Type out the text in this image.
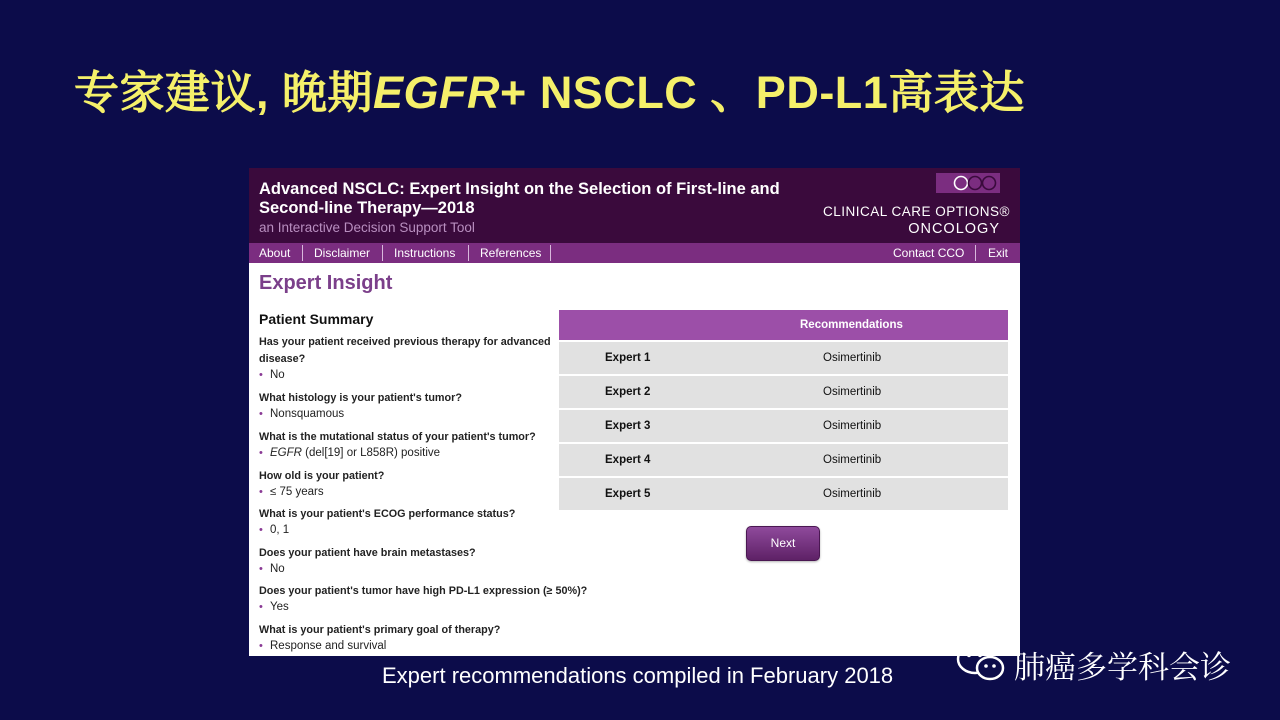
专家建议, 晚期EGFR+ NSCLC 、PD-L1高表达
Advanced NSCLC: Expert Insight on the Selection of First-line and Second-line Therapy—2018
an Interactive Decision Support Tool
CLINICAL CARE OPTIONS®
ONCOLOGY
About Disclaimer Instructions References	Contact CCO Exit
Expert Insight
Patient Summary
Has your patient received previous therapy for advanced disease?
• No
What histology is your patient's tumor?
• Nonsquamous
What is the mutational status of your patient's tumor?
• EGFR (del[19] or L858R) positive
How old is your patient?
• ≤ 75 years
What is your patient's ECOG performance status?
• 0, 1
Does your patient have brain metastases?
• No
Does your patient's tumor have high PD-L1 expression (≥ 50%)?
• Yes
What is your patient's primary goal of therapy?
• Response and survival
Recommendations
Expert 1	Osimertinib
Expert 2	Osimertinib
Expert 3	Osimertinib
Expert 4	Osimertinib
Expert 5	Osimertinib
Next
Expert recommendations compiled in February 2018	肺癌多学科会诊
